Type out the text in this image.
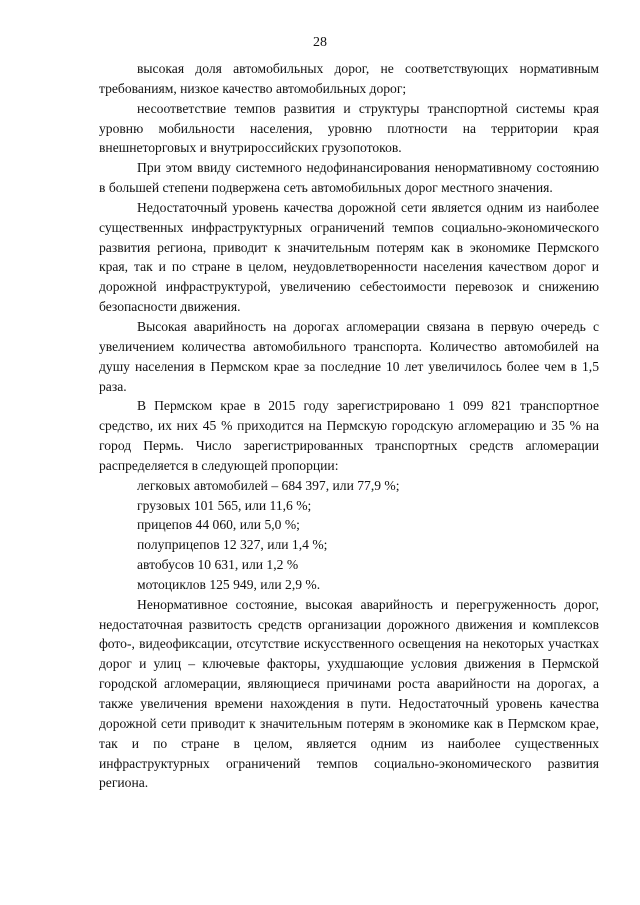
28

высокая доля автомобильных дорог, не соответствующих нормативным требованиям, низкое качество автомобильных дорог;

несоответствие темпов развития и структуры транспортной системы края уровню мобильности населения, уровню плотности на территории края внешнеторговых и внутрироссийских грузопотоков.

При этом ввиду системного недофинансирования ненормативному состоянию в большей степени подвержена сеть автомобильных дорог местного значения.

Недостаточный уровень качества дорожной сети является одним из наиболее существенных инфраструктурных ограничений темпов социально-экономического развития региона, приводит к значительным потерям как в экономике Пермского края, так и по стране в целом, неудовлетворенности населения качеством дорог и дорожной инфраструктурой, увеличению себестоимости перевозок и снижению безопасности движения.

Высокая аварийность на дорогах агломерации связана в первую очередь с увеличением количества автомобильного транспорта. Количество автомобилей на душу населения в Пермском крае за последние 10 лет увеличилось более чем в 1,5 раза.

В Пермском крае в 2015 году зарегистрировано 1 099 821 транспортное средство, их них 45 % приходится на Пермскую городскую агломерацию и 35 % на город Пермь. Число зарегистрированных транспортных средств агломерации распределяется в следующей пропорции:

легковых автомобилей – 684 397, или 77,9 %;
грузовых 101 565, или 11,6 %;
прицепов 44 060, или 5,0 %;
полуприцепов 12 327, или 1,4 %;
автобусов 10 631, или 1,2 %
мотоциклов 125 949, или 2,9 %.

Ненормативное состояние, высокая аварийность и перегруженность дорог, недостаточная развитость средств организации дорожного движения и комплексов фото-, видеофиксации, отсутствие искусственного освещения на некоторых участках дорог и улиц – ключевые факторы, ухудшающие условия движения в Пермской городской агломерации, являющиеся причинами роста аварийности на дорогах, а также увеличения времени нахождения в пути. Недостаточный уровень качества дорожной сети приводит к значительным потерям в экономике как в Пермском крае, так и по стране в целом, является одним из наиболее существенных инфраструктурных ограничений темпов социально-экономического развития региона.
